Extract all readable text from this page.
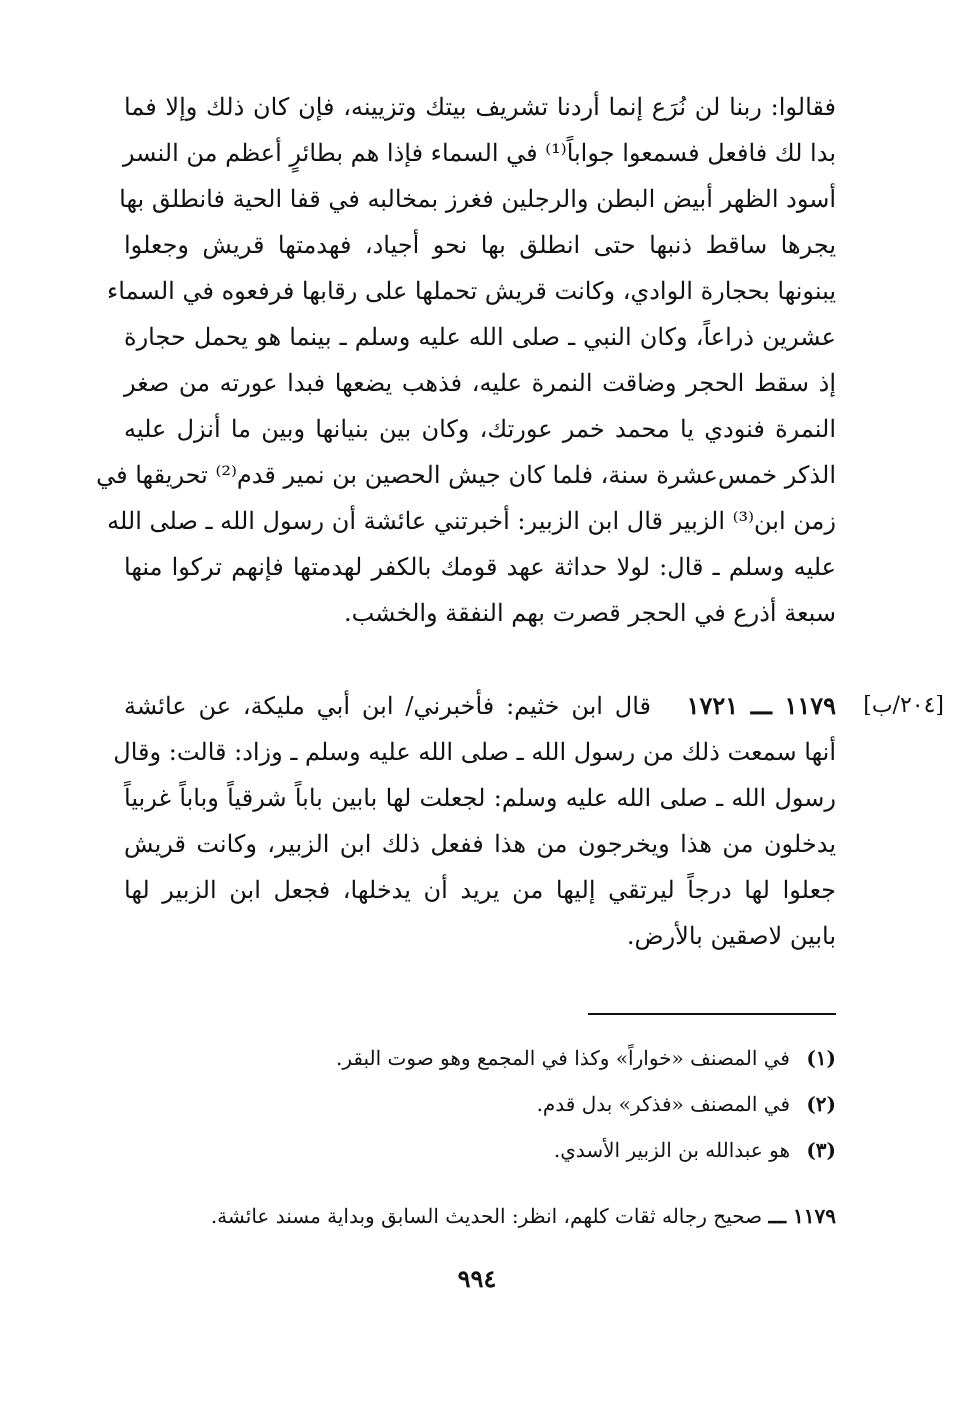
فقالوا: ربنا لن نُرَع إنما أردنا تشريف بيتك وتزيينه، فإن كان ذلك وإلا فما
بدا لك فافعل فسمعوا جواباً⁽¹⁾ في السماء فإذا هم بطائرٍ أعظم من النسر
أسود الظهر أبيض البطن والرجلين فغرز بمخالبه في قفا الحية فانطلق بها
يجرها ساقط ذنبها حتى انطلق بها نحو أجياد، فهدمتها قريش وجعلوا
يبنونها بحجارة الوادي، وكانت قريش تحملها على رقابها فرفعوه في السماء
عشرين ذراعاً، وكان النبي ـ صلى الله عليه وسلم ـ بينما هو يحمل حجارة
إذ سقط الحجر وضاقت النمرة عليه، فذهب يضعها فبدا عورته من صغر
النمرة فنودي يا محمد خمر عورتك، وكان بين بنيانها وبين ما أنزل عليه
الذكر خمس‌عشرة سنة، فلما كان جيش الحصين بن نمير قدم⁽²⁾ تحريقها في
زمن ابن⁽³⁾ الزبير قال ابن الزبير: أخبرتني عائشة أن رسول الله ـ صلى الله
عليه وسلم ـ قال: لولا حداثة عهد قومك بالكفر لهدمتها فإنهم تركوا منها
سبعة أذرع في الحجر قصرت بهم النفقة والخشب.
[٢٠٤/ب]
١١٧٩ ـــ ١٧٢١   قال ابن خثيم: فأخبرني/ ابن أبي مليكة، عن عائشة
أنها سمعت ذلك من رسول الله ـ صلى الله عليه وسلم ـ وزاد: قالت: وقال
رسول الله ـ صلى الله عليه وسلم: لجعلت لها بابين باباً شرقياً وباباً غربياً
يدخلون من هذا ويخرجون من هذا ففعل ذلك ابن الزبير، وكانت قريش
جعلوا لها درجاً ليرتقي إليها من يريد أن يدخلها، فجعل ابن الزبير لها
بابين لاصقين بالأرض.
(١)
في المصنف «خواراً» وكذا في المجمع وهو صوت البقر.
(٢)
في المصنف «فذكر» بدل قدم.
(٣)
هو عبدالله بن الزبير الأسدي.
١١٧٩ ـــ صحيح رجاله ثقات كلهم، انظر: الحديث السابق وبداية مسند عائشة.
٩٩٤
